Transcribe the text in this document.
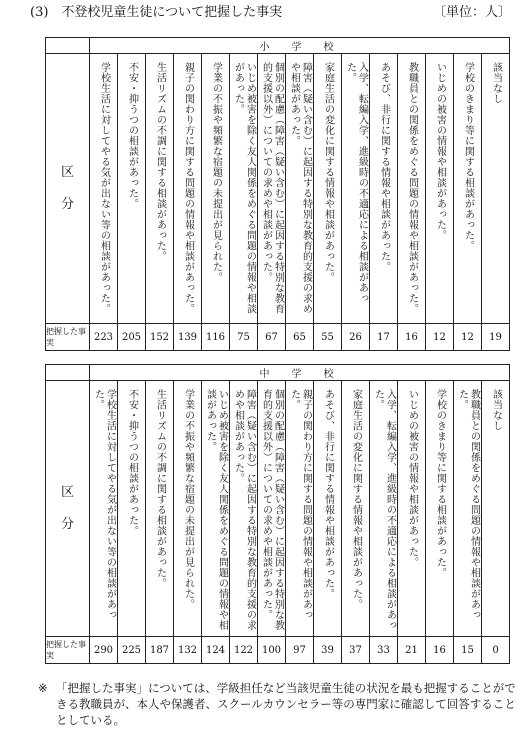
(3)　不登校児童生徒について把握した事実	〔単位：人〕
	小　学　校														

区
分	学校生活に対してやる気が出ない等の相談があった。	不安・抑うつの相談があった。	生活リズムの不調に関する相談があった。	親子の関わり方に関する問題の情報や相談があった。	学業の不振や頻繁な宿題の未提出が見られた。	いじめ被害を除く友人関係をめぐる問題の情報や相談があった。	個別の配慮（障害（疑い含む）に起因する特別な教育的支援以外）についての求めや相談があった。	障害（疑い含む）に起因する特別な教育的支援の求めや相談があった。	家庭生活の変化に関する情報や相談があった。	入学、転編入学、進級時の不適応による相談があった。	あそび、非行に関する情報や相談があった。	教職員との関係をめぐる問題の情報や相談があった。	いじめの被害の情報や相談があった。	学校のきまり等に関する相談があった。	該当なし

把握した事実	223	205	152	139	116	75	67	65	55	26	17	16	12	12	19
	中　学　校														

区
分	学校生活に対してやる気が出ない等の相談があった。	不安・抑うつの相談があった。	生活リズムの不調に関する相談があった。	学業の不振や頻繁な宿題の未提出が見られた。	いじめ被害を除く友人関係をめぐる問題の情報や相談があった。	障害（疑い含む）に起因する特別な教育的支援の求めや相談があった。	個別の配慮（障害（疑い含む）に起因する特別な教育的支援以外）についての求めや相談があった。	親子の関わり方に関する問題の情報や相談があった。	あそび、非行に関する情報や相談があった。	家庭生活の変化に関する情報や相談があった。	入学、転編入学、進級時の不適応による相談があった。	いじめの被害の情報や相談があった。	学校のきまり等に関する相談があった。	教職員との関係をめぐる問題の情報や相談があった。	該当なし

把握した事実	290	225	187	132	124	122	100	97	39	37	33	21	16	15	0
※ 「把握した事実」については、学級担任など当該児童生徒の状況を最も把握することができる教職員が、本人や保護者、スクールカウンセラー等の専門家に確認して回答することとしている。
